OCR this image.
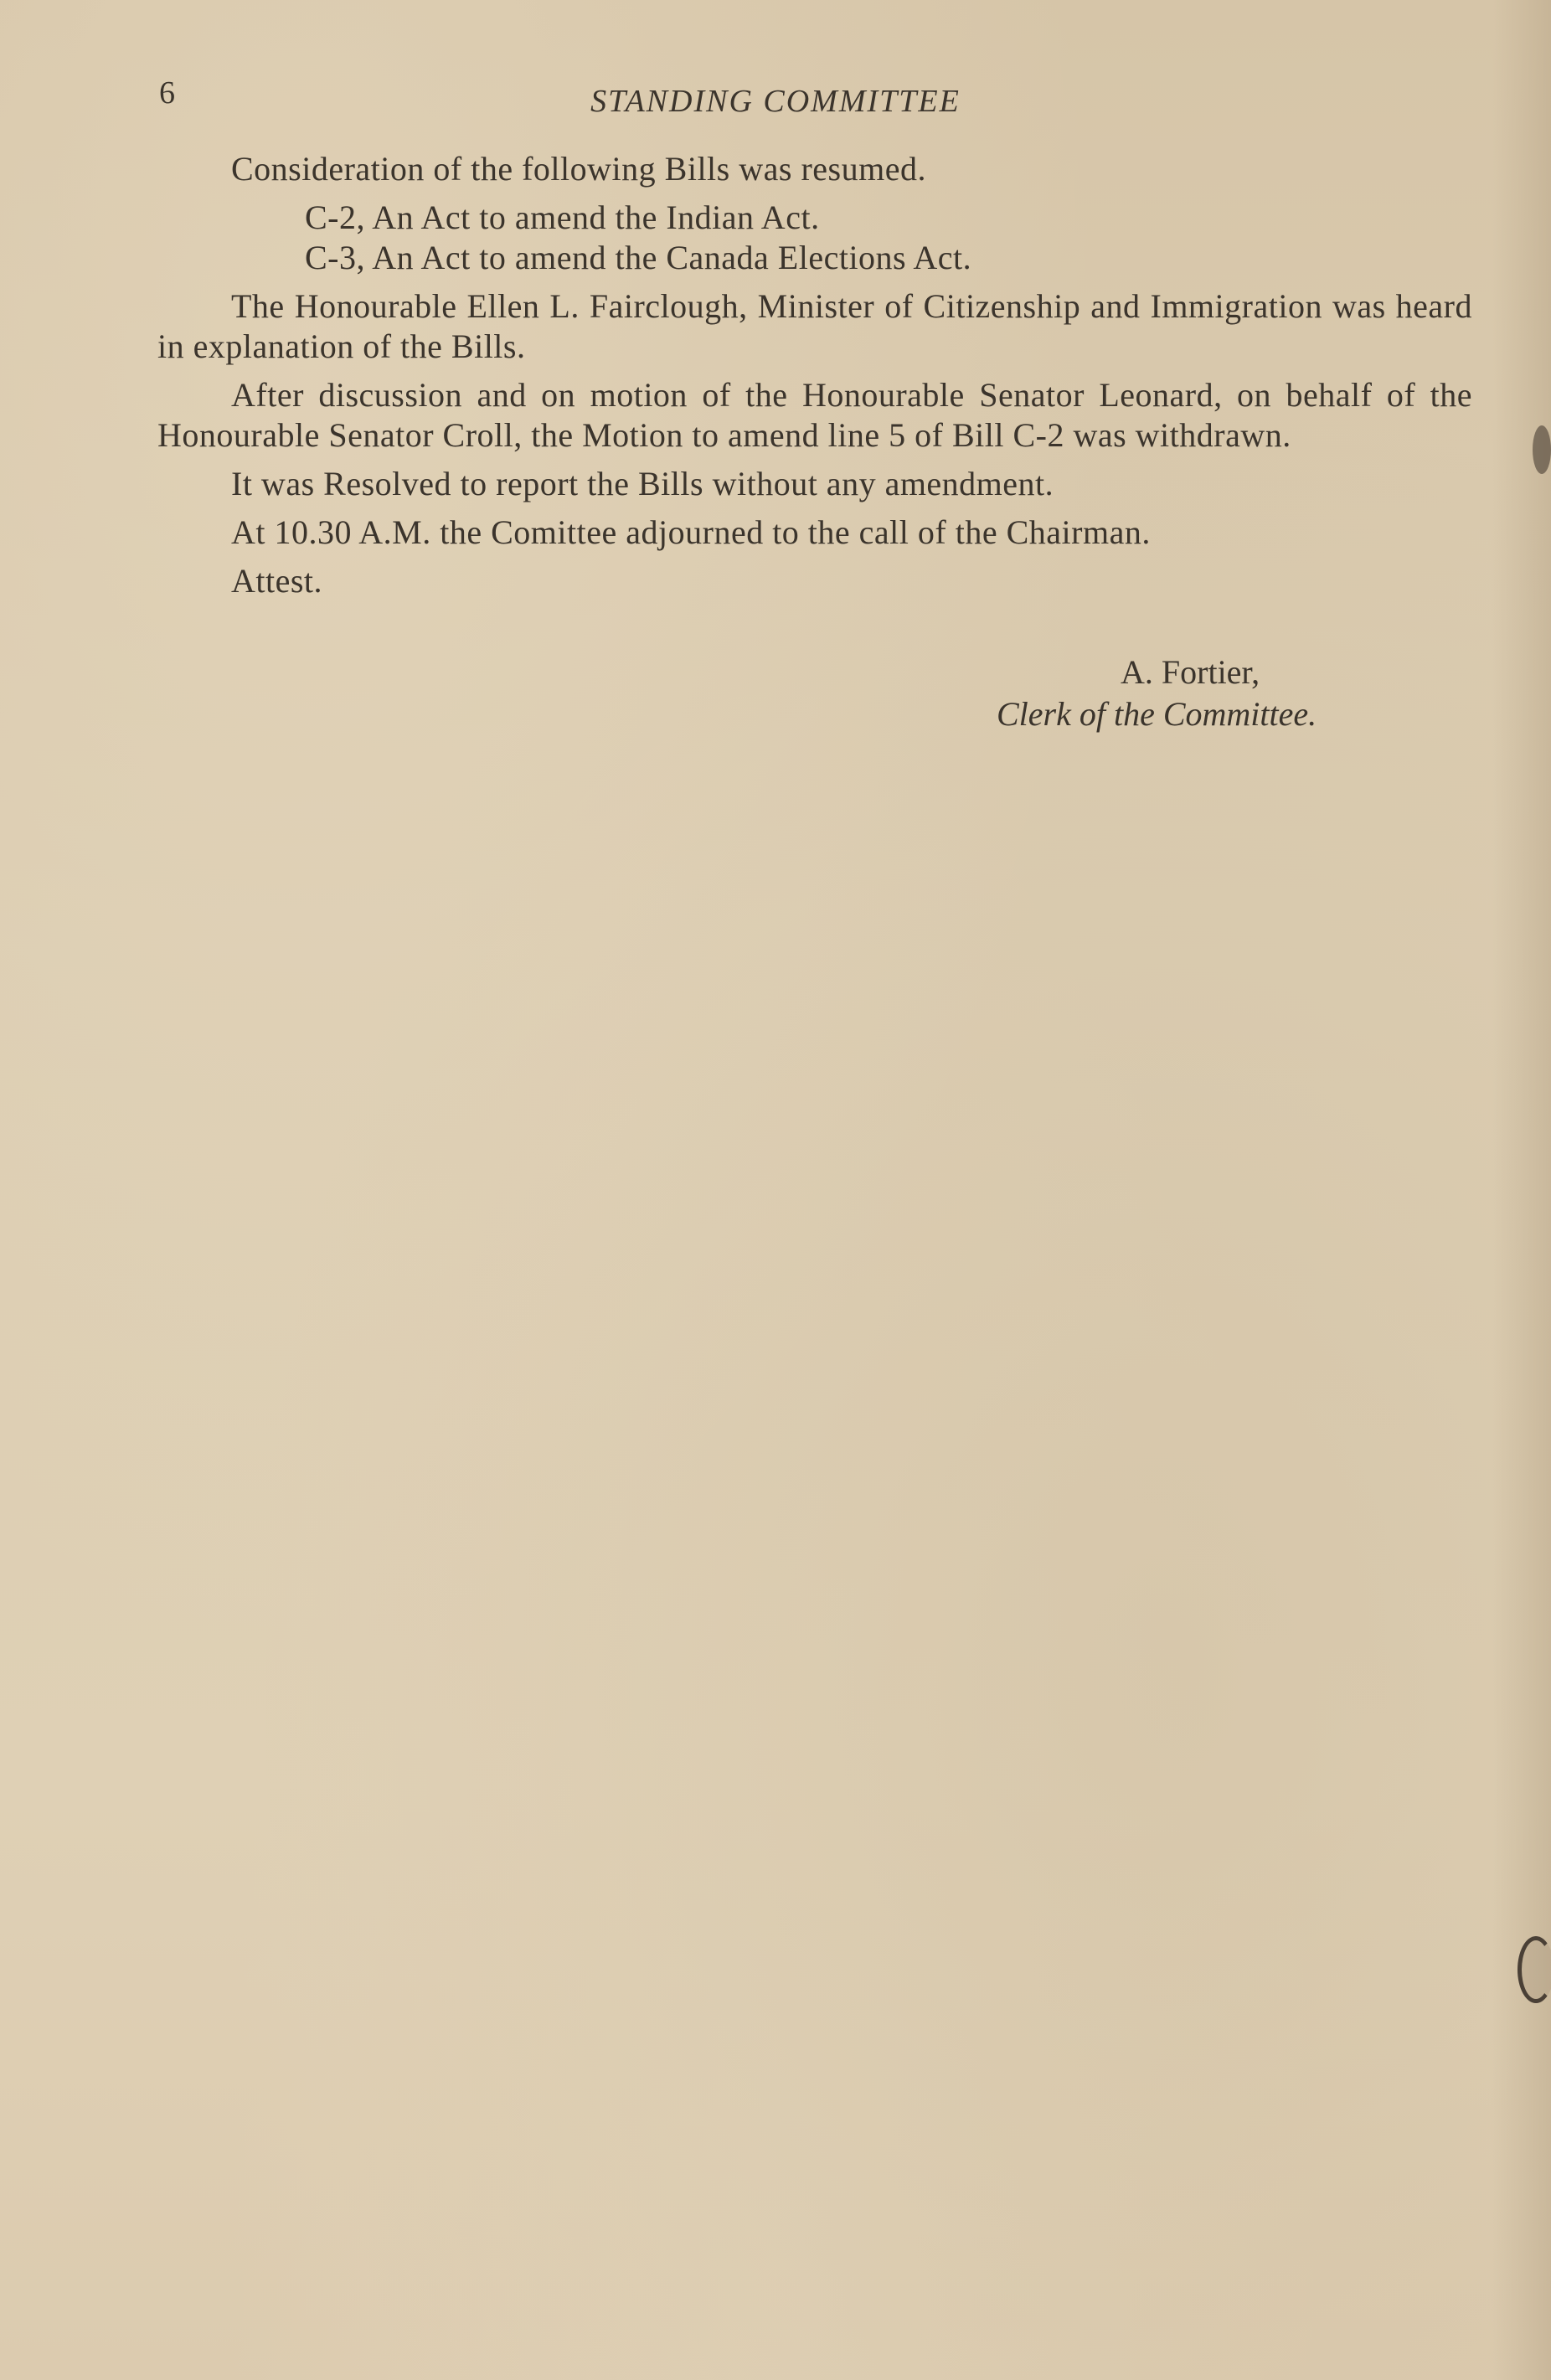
6	STANDING COMMITTEE

Consideration of the following Bills was resumed.

C-2, An Act to amend the Indian Act.

C-3, An Act to amend the Canada Elections Act.

The Honourable Ellen L. Fairclough, Minister of Citizenship and Immigration was heard in explanation of the Bills.

After discussion and on motion of the Honourable Senator Leonard, on behalf of the Honourable Senator Croll, the Motion to amend line 5 of Bill C-2 was withdrawn.

It was Resolved to report the Bills without any amendment.

At 10.30 A.M. the Comittee adjourned to the call of the Chairman.

Attest.

A. Fortier,
Clerk of the Committee.
